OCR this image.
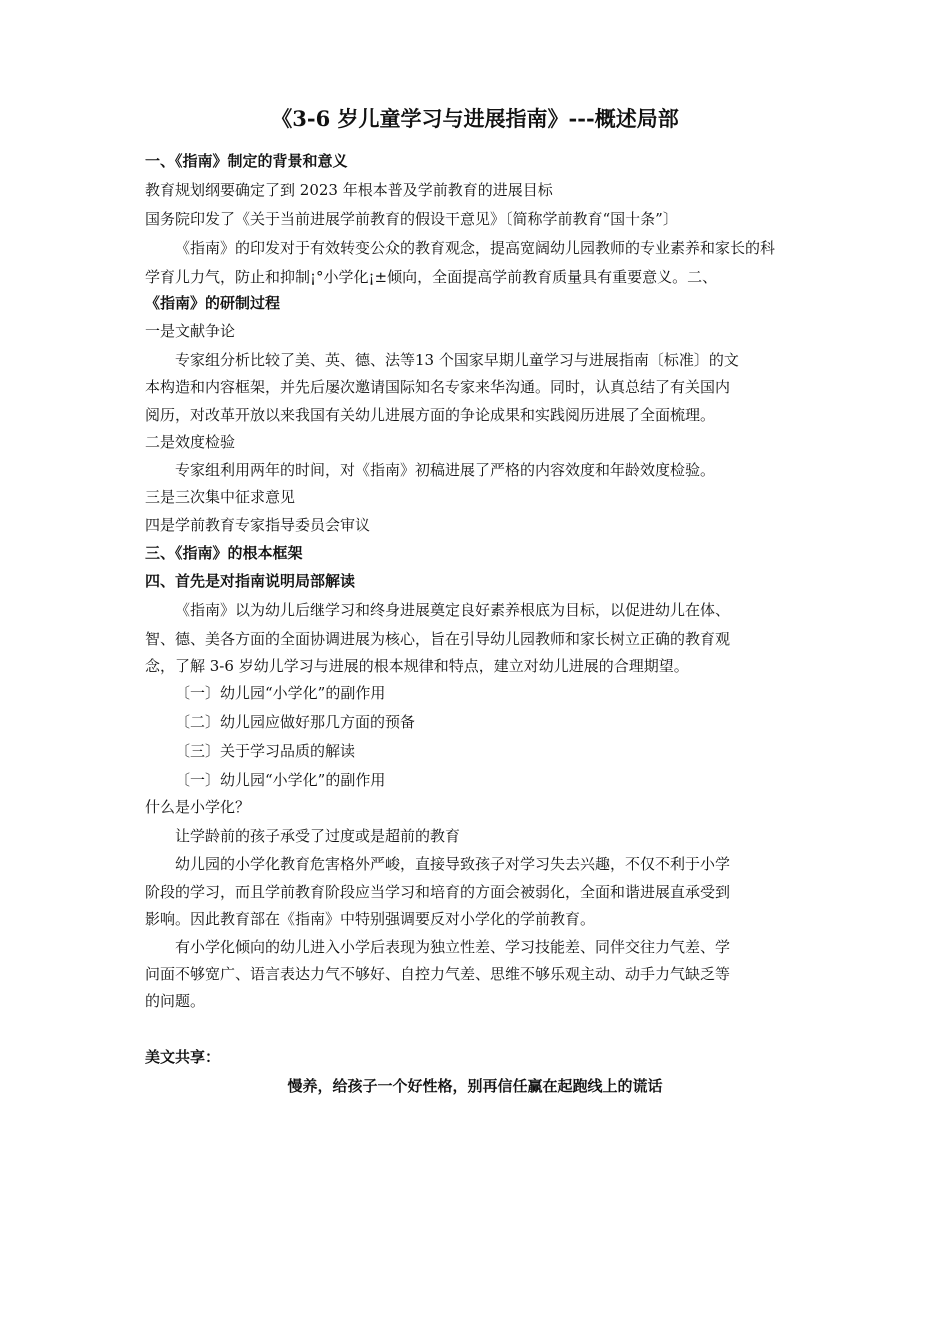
《3-6 岁儿童学习与进展指南》---概述局部
一、《指南》制定的背景和意义
教育规划纲要确定了到 2023 年根本普及学前教育的进展目标
国务院印发了《关于当前进展学前教育的假设干意见》〔简称学前教育“国十条”〕
《指南》的印发对于有效转变公众的教育观念，提高宽阔幼儿园教师的专业素养和家长的科
学育儿力气，防止和抑制¡°小学化¡±倾向，全面提高学前教育质量具有重要意义。二、
《指南》的研制过程
一是文献争论
专家组分析比较了美、英、德、法等13 个国家早期儿童学习与进展指南〔标准〕的文
本构造和内容框架，并先后屡次邀请国际知名专家来华沟通。同时，认真总结了有关国内
阅历，对改革开放以来我国有关幼儿进展方面的争论成果和实践阅历进展了全面梳理。
二是效度检验
专家组利用两年的时间，对《指南》初稿进展了严格的内容效度和年龄效度检验。
三是三次集中征求意见
四是学前教育专家指导委员会审议
三、《指南》的根本框架
四、首先是对指南说明局部解读
《指南》以为幼儿后继学习和终身进展奠定良好素养根底为目标，以促进幼儿在体、
智、德、美各方面的全面协调进展为核心，旨在引导幼儿园教师和家长树立正确的教育观
念，了解 3-6 岁幼儿学习与进展的根本规律和特点，建立对幼儿进展的合理期望。
〔一〕幼儿园“小学化”的副作用
〔二〕幼儿园应做好那几方面的预备
〔三〕关于学习品质的解读
〔一〕幼儿园“小学化”的副作用
什么是小学化？
让学龄前的孩子承受了过度或是超前的教育
幼儿园的小学化教育危害格外严峻，直接导致孩子对学习失去兴趣，不仅不利于小学
阶段的学习，而且学前教育阶段应当学习和培育的方面会被弱化，全面和谐进展直承受到
影响。因此教育部在《指南》中特别强调要反对小学化的学前教育。
有小学化倾向的幼儿进入小学后表现为独立性差、学习技能差、同伴交往力气差、学
问面不够宽广、语言表达力气不够好、自控力气差、思维不够乐观主动、动手力气缺乏等
的问题。
美文共享：
慢养，给孩子一个好性格，别再信任赢在起跑线上的谎话
